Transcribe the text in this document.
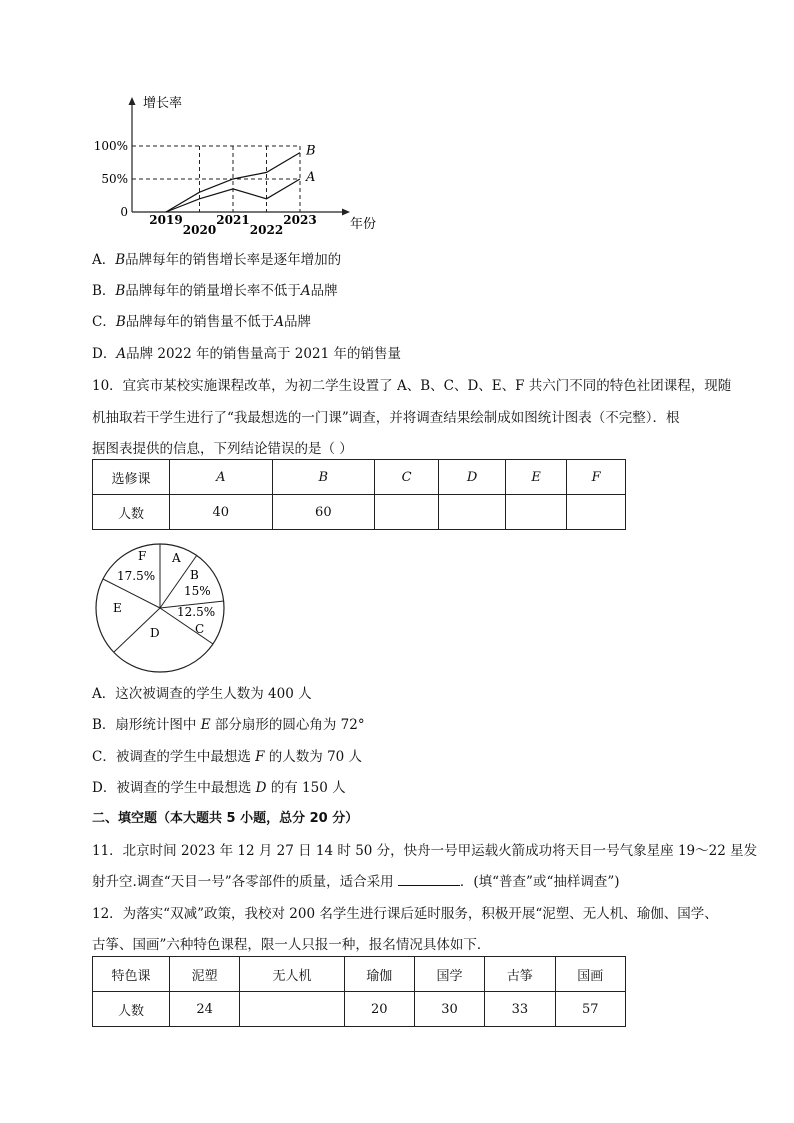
增长率
年份
100%
50%
0
2019
2020
2021
2022
2023
B
A
A．B品牌每年的销售增长率是逐年增加的
B．B品牌每年的销量增长率不低于A品牌
C．B品牌每年的销售量不低于A品牌
D．A品牌 2022 年的销售量高于 2021 年的销售量
10．宜宾市某校实施课程改革，为初二学生设置了 A、B、C、D、E、F 共六门不同的特色社团课程，现随
机抽取若干学生进行了“我最想选的一门课”调查，并将调查结果绘制成如图统计图表（不完整）．根
据图表提供的信息，下列结论错误的是（ ）
选修课	A	B	C	D	E	F
人数	40	60				
A
B
15%
12.5%
C
D
E
F
17.5%
A．这次被调查的学生人数为 400 人
B．扇形统计图中 E 部分扇形的圆心角为 72°
C．被调查的学生中最想选 F 的人数为 70 人
D．被调查的学生中最想选 D 的有 150 人
二、填空题（本大题共 5 小题，总分 20 分）
11．北京时间 2023 年 12 月 27 日 14 时 50 分，快舟一号甲运载火箭成功将天目一号气象星座 19～22 星发
射升空.调查“天目一号”各零部件的质量，适合采用	．(填“普查”或“抽样调查”)
12．为落实“双减”政策，我校对 200 名学生进行课后延时服务，积极开展“泥塑、无人机、瑜伽、国学、
古筝、国画”六种特色课程，限一人只报一种，报名情况具体如下．
特色课	泥塑	无人机	瑜伽	国学	古筝	国画
人数	24		20	30	33	57
